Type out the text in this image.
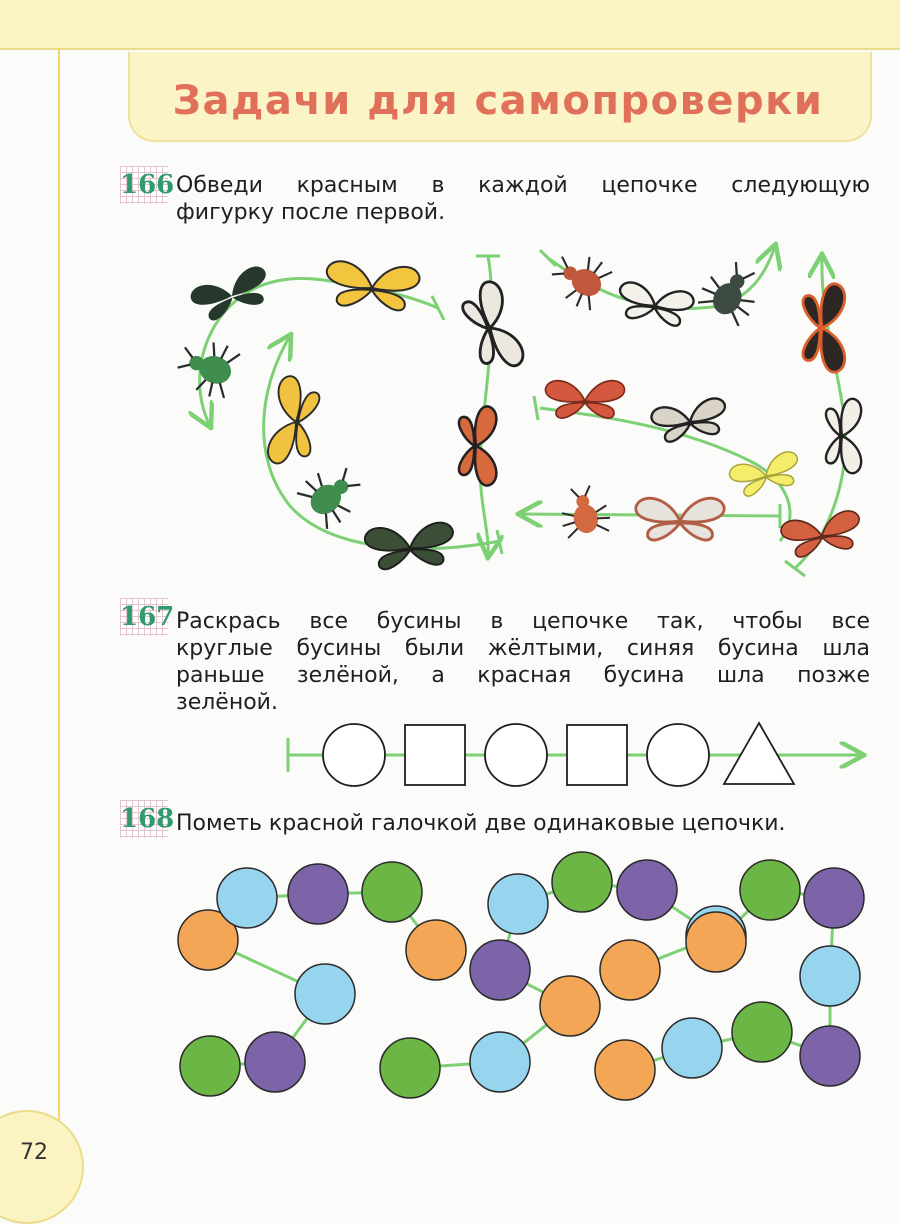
Задачи для самопроверки
166 Обведи красным в каждой цепочке следующую
фигурку после первой.
167 Раскрась все бусины в цепочке так, чтобы все
круглые бусины были жёлтыми, синяя бусина шла
раньше зелёной, а красная бусина шла позже
зелёной.
168 Пометь красной галочкой две одинаковые цепочки.
72
